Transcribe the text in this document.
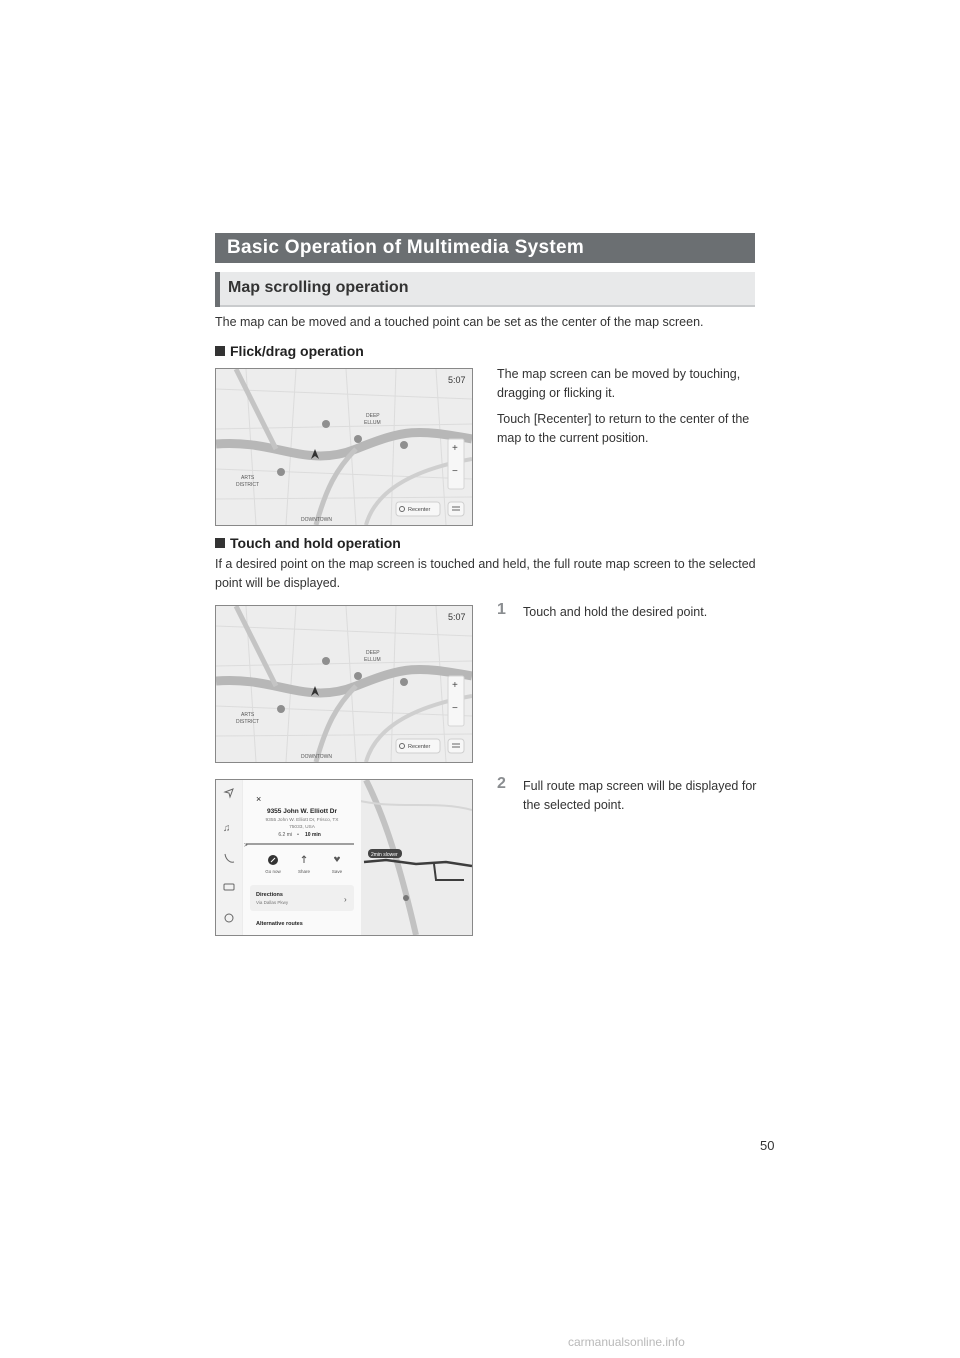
Basic Operation of Multimedia System
Map scrolling operation
The map can be moved and a touched point can be set as the center of the map screen.
Flick/drag operation
DEEP
ELLUM
ARTS
DISTRICT
DOWNTOWN
5:07
+
−
Recenter
The map screen can be moved by touching, dragging or flicking it.
Touch [Recenter] to return to the center of the map to the current position.
Touch and hold operation
If a desired point on the map screen is touched and held, the full route map screen to the selected point will be displayed.
DEEP
ELLUM
ARTS
DISTRICT
DOWNTOWN
5:07
+
−
Recenter
1 Touch and hold the desired point.
2min slower
♫
×
9355 John W. Elliott Dr
9355 John W. Elliott Dr, Frisco, TX
75033, USA
6.2 mi • 10 min
>
Go now	Share	Save
Directions
Via Dallas Pkwy	›
Alternative routes
2 Full route map screen will be displayed for the selected point.
50
carmanualsonline.info
